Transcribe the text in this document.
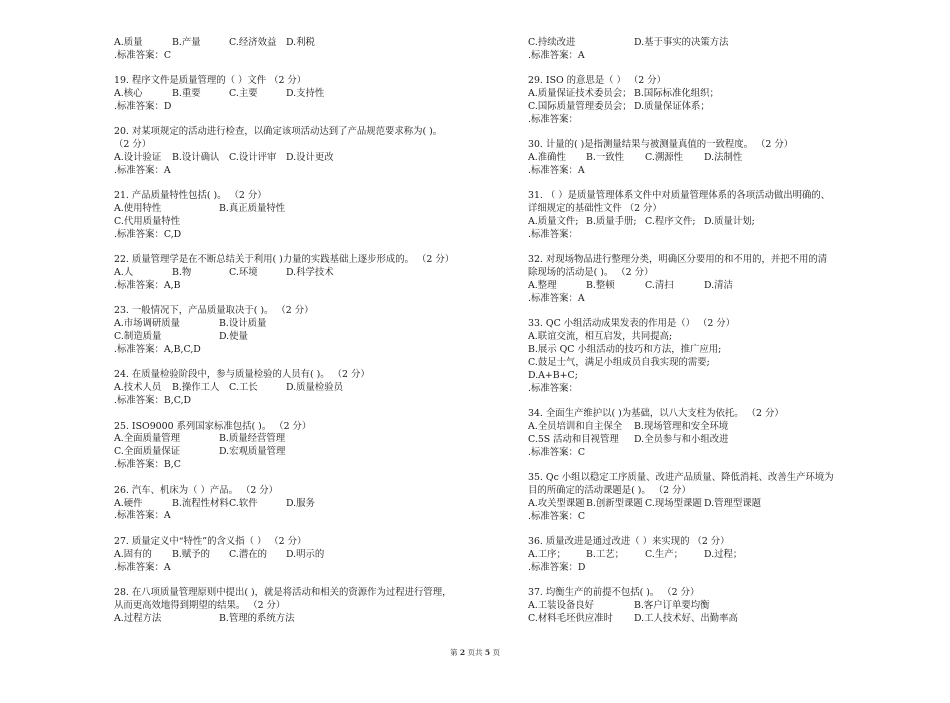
A.质量	B.产量	C.经济效益	D.利税
.标准答案：C
19. 程序文件是质量管理的（ ）文件 （2 分）
A.核心	B.重要	C.主要	D.支持性
.标准答案：D
20. 对某项规定的活动进行检查，以确定该项活动达到了产品规范要求称为( )。
（2 分）
A.设计验证	B.设计确认	C.设计评审	D.设计更改
.标准答案：A
21. 产品质量特性包括( )。 （2 分）
A.使用特性	B.真正质量特性
C.代用质量特性
.标准答案：C,D
22. 质量管理学是在不断总结关于利用( )力量的实践基础上逐步形成的。 （2 分）
A.人	B.物	C.环境	D.科学技术
.标准答案：A,B
23. 一般情况下，产品质量取决于( )。 （2 分）
A.市场调研质量	B.设计质量
C.制造质量	D.使量
.标准答案：A,B,C,D
24. 在质量检验阶段中，参与质量检验的人员有( )。 （2 分）
A.技术人员	B.操作工人	C.工长	D.质量检验员
.标准答案：B,C,D
25. ISO9000 系列国家标准包括( )。 （2 分）
A.全面质量管理	B.质量经营管理
C.全面质量保证	D.宏观质量管理
.标准答案：B,C
26. 汽车、机床为（ ）产品。 （2 分）
A.硬件	B.流程性材料 C.软件	D.服务
.标准答案：A
27. 质量定义中“特性”的含义指（ ） （2 分）
A.固有的	B.赋予的	C.潜在的	D.明示的
.标准答案：A
28. 在八项质量管理原则中提出( )，就是将活动和相关的资源作为过程进行管理，
从而更高效地得到期望的结果。 （2 分）
A.过程方法	B.管理的系统方法
C.持续改进	D.基于事实的决策方法
.标准答案：A
29. ISO 的意思是（ ） （2 分）
A.质量保证技术委员会； B.国际标准化组织；
C.国际质量管理委员会； D.质量保证体系；
.标准答案：
30. 计量的( )是指测量结果与被测量真值的一致程度。 （2 分）
A.准确性	B.一致性	C.溯源性	D.法制性
.标准答案：A
31. （ ）是质量管理体系文件中对质量管理体系的各项活动做出明确的、
详细规定的基础性文件 （2 分）
A.质量文件; B.质量手册; C.程序文件; D.质量计划;
.标准答案：
32. 对现场物品进行整理分类，明确区分要用的和不用的，并把不用的清
除现场的活动是( )。 （2 分）
A.整理	B.整顿	C.清扫	D.清洁
.标准答案：A
33. QC 小组活动成果发表的作用是（） （2 分）
A.联谊交流，相互启发，共同提高;
B.展示 QC 小组活动的技巧和方法，推广应用;
C.鼓足士气，满足小组成员自我实现的需要;
D.A+B+C;
.标准答案：
34. 全面生产维护以( )为基础，以八大支柱为依托。 （2 分）
A.全员培训和自主保全	B.现场管理和安全环境
C.5S 活动和目视管理	D.全员参与和小组改进
.标准答案：C
35. Qc 小组以稳定工序质量、改进产品质量、降低消耗、改善生产环境为
目的所确定的活动课题是( )。 （2 分）
A.攻关型课题 B.创新型课题 C.现场型课题 D.管理型课题
.标准答案：C
36. 质量改进是通过改进（ ）来实现的 （2 分）
A.工序；	B.工艺；	C.生产；	D.过程；
.标准答案：D
37. 均衡生产的前提不包括( )。 （2 分）
A.工装设备良好	B.客户订单要均衡
C.材料毛坯供应准时	D.工人技术好、出勤率高
第 2 页共 5 页
